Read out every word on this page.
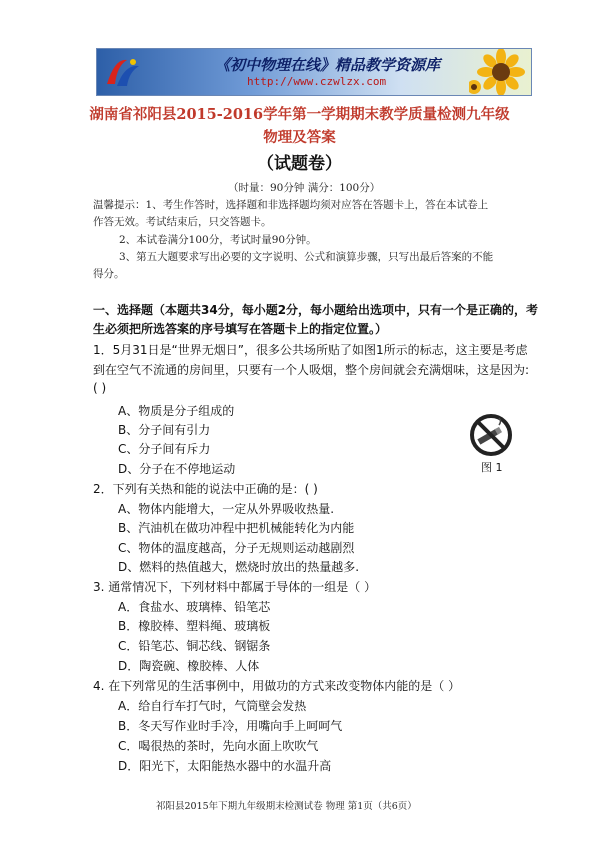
《初中物理在线》精品教学资源库
http://www.czwlzx.com
湖南省祁阳县2015-2016学年第一学期期末教学质量检测九年级
物理及答案
（试题卷）
（时量：90分钟 满分：100分）
温馨提示：1、考生作答时，选择题和非选择题均须对应答在答题卡上，答在本试卷上
作答无效。考试结束后，只交答题卡。
2、本试卷满分100分，考试时量90分钟。
3、第五大题要求写出必要的文字说明、公式和演算步骤，只写出最后答案的不能
得分。
一、选择题（本题共34分，每小题2分，每小题给出选项中，只有一个是正确的，考
生必须把所选答案的序号填写在答题卡上的指定位置。）
1．5月31日是“世界无烟日”，很多公共场所贴了如图1所示的标志，这主要是考虑
到在空气不流通的房间里，只要有一个人吸烟，整个房间就会充满烟味，这是因为:
( )
A、物质是分子组成的
B、分子间有引力
C、分子间有斥力
D、分子在不停地运动	图 1
2．下列有关热和能的说法中正确的是：( )
A、物体内能增大，一定从外界吸收热量.
B、汽油机在做功冲程中把机械能转化为内能
C、物体的温度越高，分子无规则运动越剧烈
D、燃料的热值越大，燃烧时放出的热量越多.
3. 通常情况下，下列材料中都属于导体的一组是（ ）
A．食盐水、玻璃棒、铅笔芯
B．橡胶棒、塑料绳、玻璃板
C．铅笔芯、铜芯线、钢锯条
D．陶瓷碗、橡胶棒、人体
4. 在下列常见的生活事例中，用做功的方式来改变物体内能的是（ ）
A．给自行车打气时，气筒壁会发热
B．冬天写作业时手冷，用嘴向手上呵呵气
C．喝很热的茶时，先向水面上吹吹气
D．阳光下，太阳能热水器中的水温升高
祁阳县2015年下期九年级期末检测试卷 物理 第1页（共6页）
